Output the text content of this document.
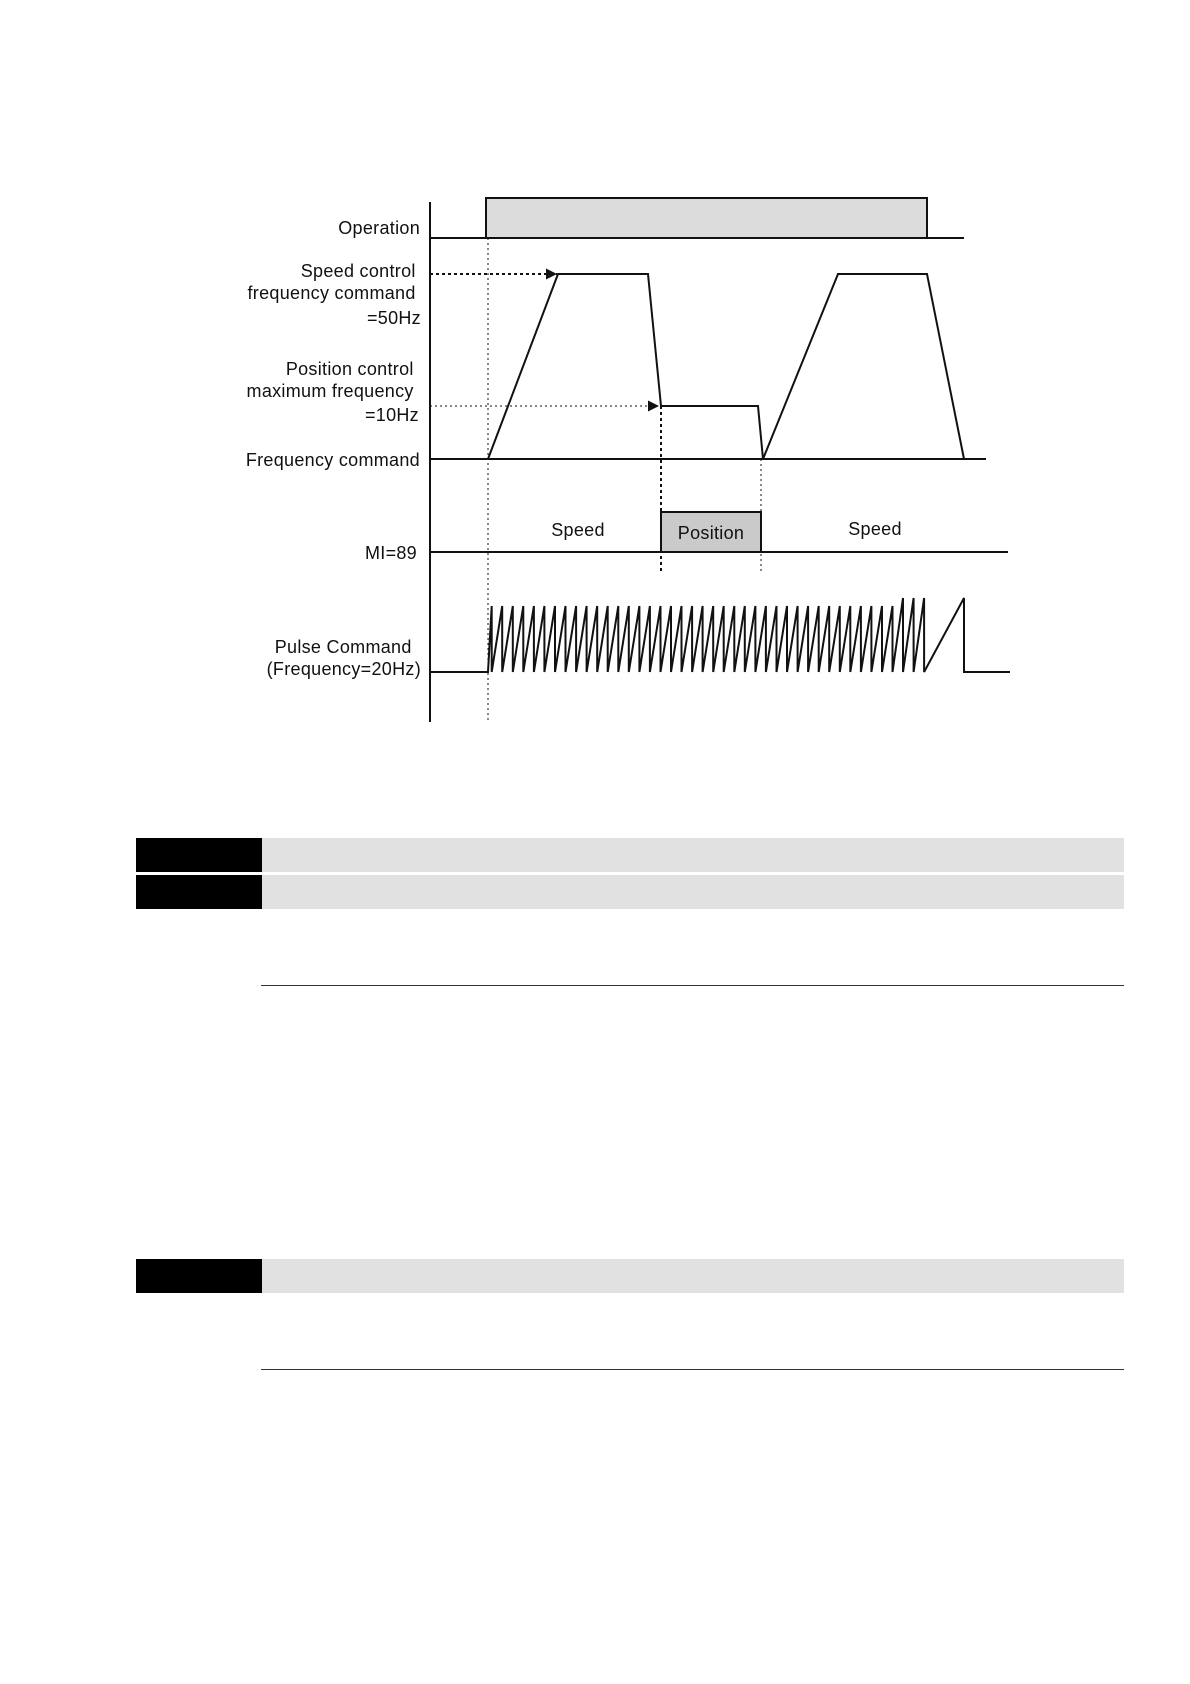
Operation
Speed control frequency command =50Hz
Position control maximum frequency =10Hz
Frequency command
MI=89
Position
Speed	Speed
Pulse Command (Frequency=20Hz)
